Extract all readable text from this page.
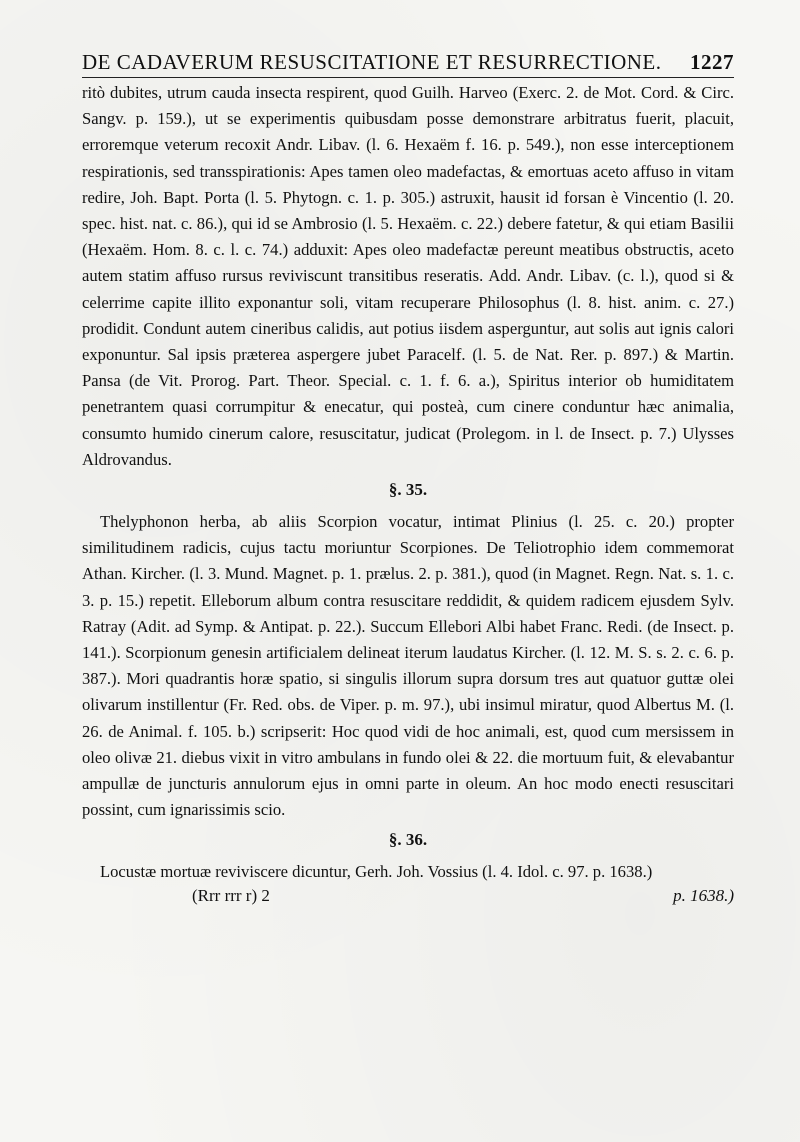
DE CADAVERUM RESUSCITATIONE ET RESURRECTIONE. 1227

ritò dubites, utrum cauda insecta respirent, quod Guilh. Harveo (Exerc. 2. de Mot. Cord. & Circ. Sangv. p. 159.), ut se experimentis quibusdam posse demonstrare arbitratus fuerit, placuit, erroremque veterum recoxit Andr. Libav. (l. 6. Hexaëm f. 16. p. 549.), non esse interceptionem respirationis, sed transspirationis: Apes tamen oleo madefactas, & emortuas aceto affuso in vitam redire, Joh. Bapt. Porta (l. 5. Phytogn. c. 1. p. 305.) astruxit, hausit id forsan è Vincentio (l. 20. spec. hist. nat. c. 86.), qui id se Ambrosio (l. 5. Hexaëm. c. 22.) debere fatetur, & qui etiam Basilii (Hexaëm. Hom. 8. c. l. c. 74.) adduxit: Apes oleo madefactæ pereunt meatibus obstructis, aceto autem statim affuso rursus reviviscunt transitibus reseratis. Add. Andr. Libav. (c. l.), quod si & celerrime capite illito exponantur soli, vitam recuperare Philosophus (l. 8. hist. anim. c. 27.) prodidit. Condunt autem cineribus calidis, aut potius iisdem asperguntur, aut solis aut ignis calori exponuntur. Sal ipsis præterea aspergere jubet Paracelf. (l. 5. de Nat. Rer. p. 897.) & Martin. Pansa (de Vit. Prorog. Part. Theor. Special. c. 1. f. 6. a.), Spiritus interior ob humiditatem penetrantem quasi corrumpitur & enecatur, qui posteà, cum cinere conduntur hæc animalia, consumto humido cinerum calore, resuscitatur, judicat (Prolegom. in l. de Insect. p. 7.) Ulysses Aldrovandus.

§. 35.

Thelyphonon herba, ab aliis Scorpion vocatur, intimat Plinius (l. 25. c. 20.) propter similitudinem radicis, cujus tactu moriuntur Scorpiones. De Teliotrophio idem commemorat Athan. Kircher. (l. 3. Mund. Magnet. p. 1. prælus. 2. p. 381.), quod (in Magnet. Regn. Nat. s. 1. c. 3. p. 15.) repetit. Elleborum album contra resuscitare reddidit, & quidem radicem ejusdem Sylv. Ratray (Adit. ad Symp. & Antipat. p. 22.). Succum Ellebori Albi habet Franc. Redi. (de Insect. p. 141.). Scorpionum genesin artificialem delineat iterum laudatus Kircher. (l. 12. M. S. s. 2. c. 6. p. 387.). Mori quadrantis horæ spatio, si singulis illorum supra dorsum tres aut quatuor guttæ olei olivarum instillentur (Fr. Red. obs. de Viper. p. m. 97.), ubi insimul miratur, quod Albertus M. (l. 26. de Animal. f. 105. b.) scripserit: Hoc quod vidi de hoc animali, est, quod cum mersissem in oleo olivæ 21. diebus vixit in vitro ambulans in fundo olei & 22. die mortuum fuit, & elevabantur ampullæ de juncturis annulorum ejus in omni parte in oleum. An hoc modo enecti resuscitari possint, cum ignarissimis scio.

§. 36.

Locustæ mortuæ reviviscere dicuntur, Gerh. Joh. Vossius (l. 4. Idol. c. 97. p. 1638.)

(Rrr rrr r) 2	p. 1638.)
